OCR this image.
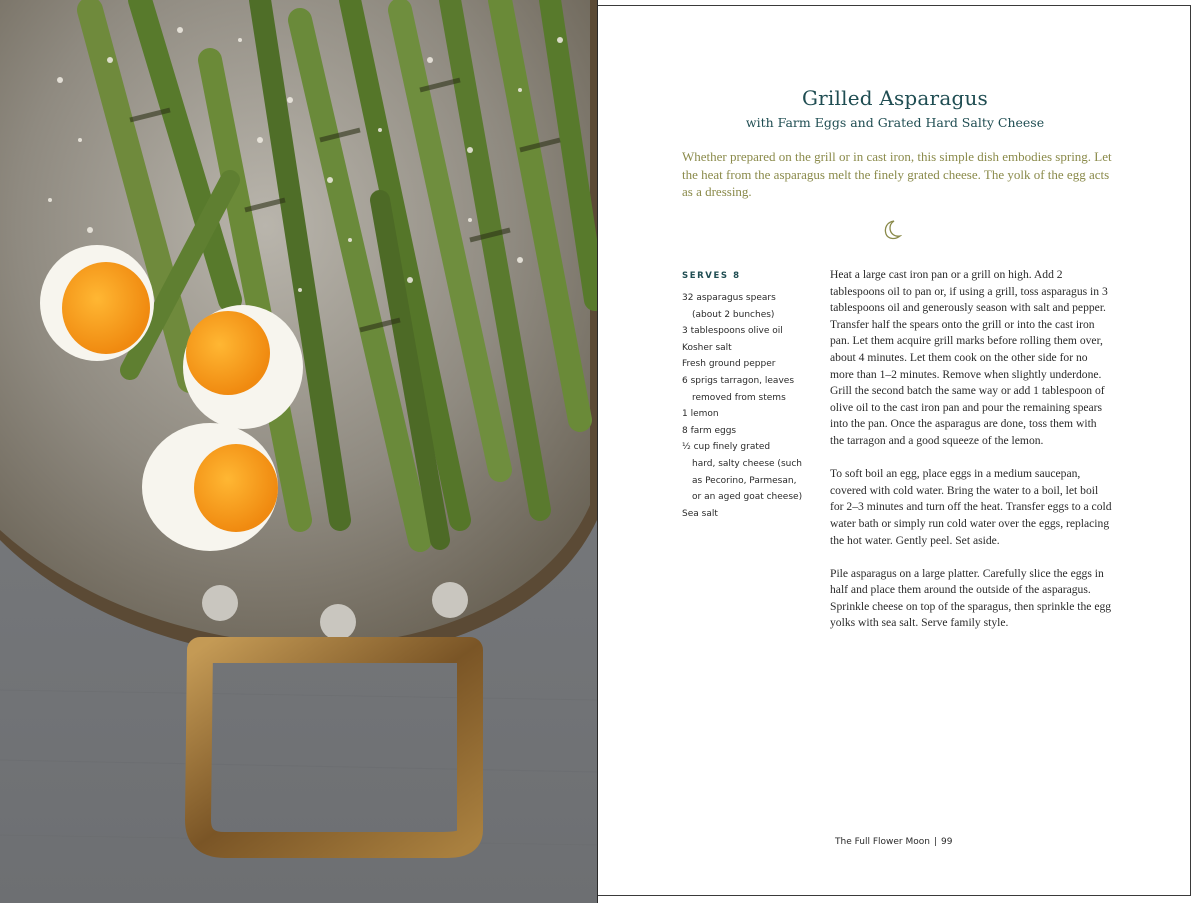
Grilled Asparagus
with Farm Eggs and Grated Hard Salty Cheese
Whether prepared on the grill or in cast iron, this simple dish embodies spring. Let the heat from the asparagus melt the finely grated cheese. The yolk of the egg acts as a dressing.
SERVES 8
32 asparagus spears
(about 2 bunches)
3 tablespoons olive oil
Kosher salt
Fresh ground pepper
6 sprigs tarragon, leaves
removed from stems
1 lemon
8 farm eggs
½ cup finely grated
hard, salty cheese (such
as Pecorino, Parmesan,
or an aged goat cheese)
Sea salt

Heat a large cast iron pan or a grill on high. Add 2 tablespoons oil to pan or, if using a grill, toss asparagus in 3 tablespoons oil and generously season with salt and pepper. Transfer half the spears onto the grill or into the cast iron pan. Let them acquire grill marks before rolling them over, about 4 minutes. Let them cook on the other side for no more than 1–2 minutes. Remove when slightly underdone. Grill the second batch the same way or add 1 tablespoon of olive oil to the cast iron pan and pour the remaining spears into the pan. Once the asparagus are done, toss them with the tarragon and a good squeeze of the lemon.

To soft boil an egg, place eggs in a medium saucepan, covered with cold water. Bring the water to a boil, let boil for 2–3 minutes and turn off the heat. Transfer eggs to a cold water bath or simply run cold water over the eggs, replacing the hot water. Gently peel. Set aside.

Pile asparagus on a large platter. Carefully slice the eggs in half and place them around the outside of the asparagus. Sprinkle cheese on top of the sparagus, then sprinkle the egg yolks with sea salt. Serve family style.

The Full Flower Moon | 99
